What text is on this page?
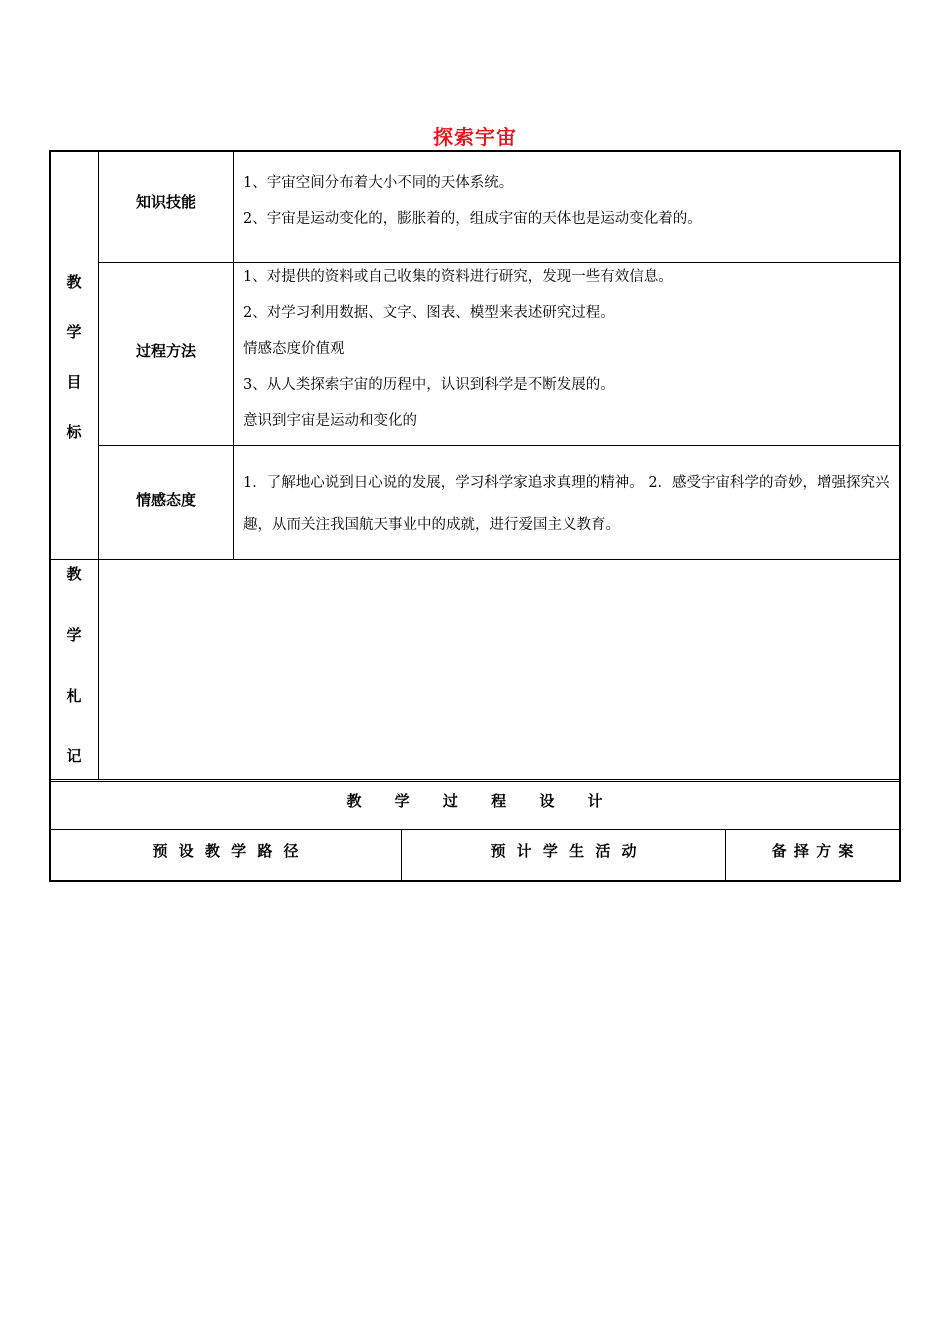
探索宇宙
教
学
目
标
知识技能

1、宇宙空间分布着大小不同的天体系统。

2、宇宙是运动变化的，膨胀着的，组成宇宙的天体也是运动变化着的。

过程方法

1、对提供的资料或自己收集的资料进行研究，发现一些有效信息。

2、对学习利用数据、文字、图表、模型来表述研究过程。

情感态度价值观

3、从人类探索宇宙的历程中，认识到科学是不断发展的。

意识到宇宙是运动和变化的

情感态度

1．了解地心说到日心说的发展，学习科学家追求真理的精神。 2．感受宇宙科学的奇妙，增强探究兴趣，从而关注我国航天事业中的成就，进行爱国主义教育。

教
学
札
记
教 学 过 程 设 计
预 设 教 学 路 径	预 计 学 生 活 动	备 择 方 案
